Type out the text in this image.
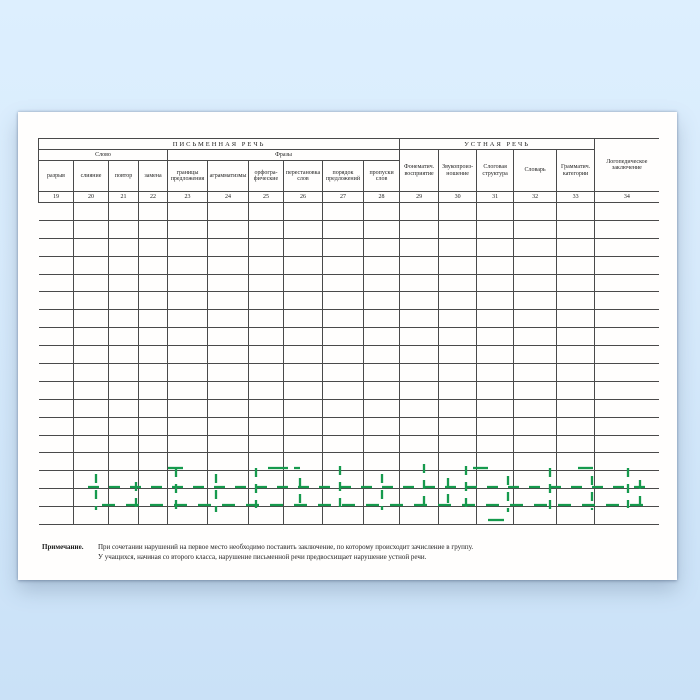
ПИСЬМЕННАЯ РЕЧЬ										УСТНАЯ РЕЧЬ					Логопедическое заключение
Слово				Фразы						Фонематич. восприятие	Звукопроиз- ношение	Слоговая структура	Словарь	Грамматич. категории	
разрыв	слияние	повтор	замена	границы предложения	аграмматизмы	орфогра- фические	перестановка слов	порядок предложений	пропуски слов						
19	20	21	22	23	24	25	26	27	28	29	30	31	32	33	34

Примечание. При сочетании нарушений на первое место необходимо поставить заключение, по которому происходит зачисление в группу.
У учащихся, начиная со второго класса, нарушение письменной речи предвосхищает нарушение устной речи.
